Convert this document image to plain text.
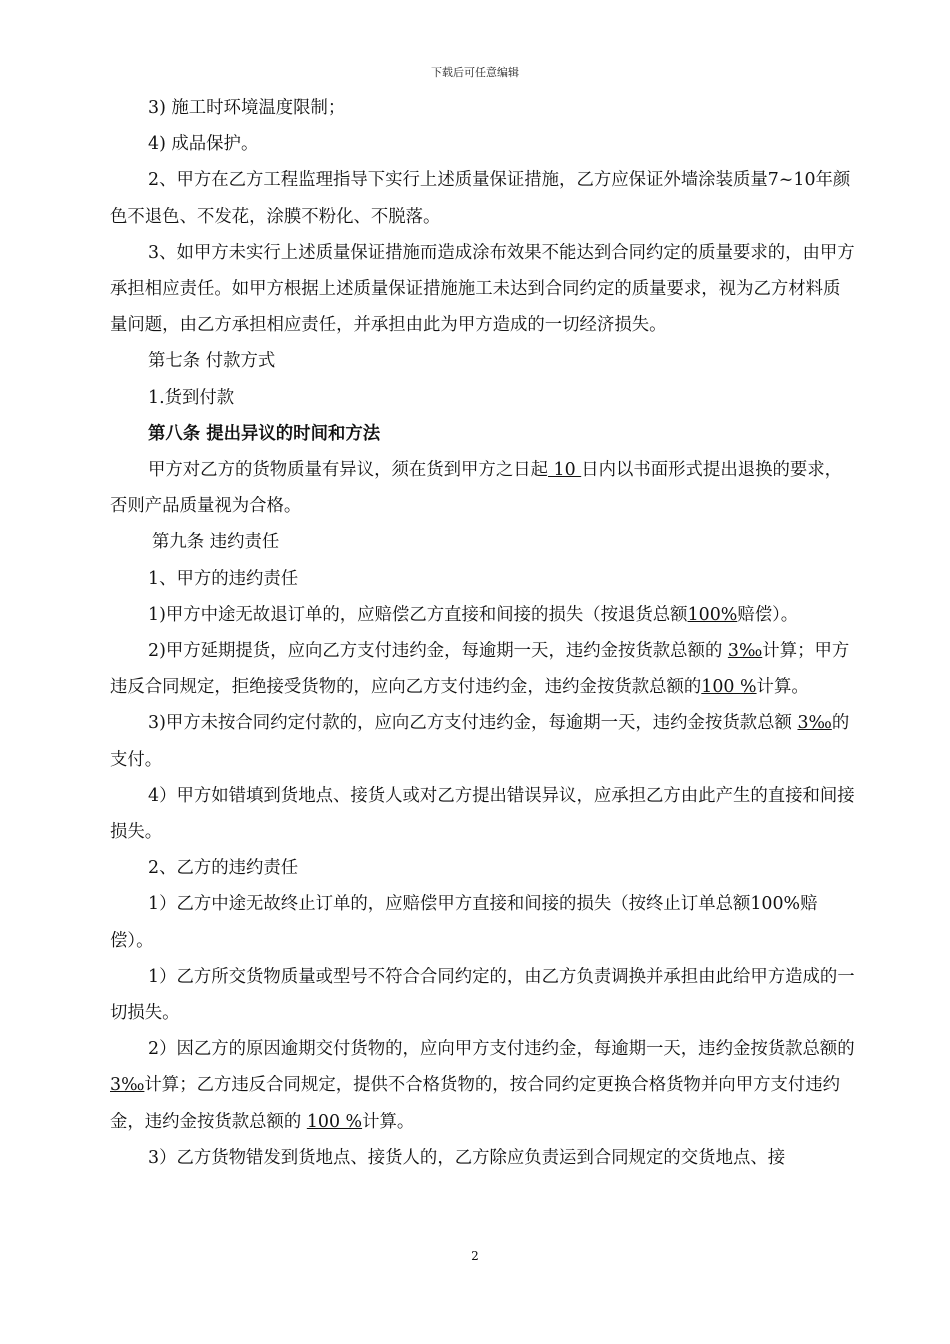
下载后可任意编辑

3) 施工时环境温度限制；

4) 成品保护。

2、甲方在乙方工程监理指导下实行上述质量保证措施，乙方应保证外墙涂装质量7~10年颜色不退色、不发花，涂膜不粉化、不脱落。

3、如甲方未实行上述质量保证措施而造成涂布效果不能达到合同约定的质量要求的，由甲方承担相应责任。如甲方根据上述质量保证措施施工未达到合同约定的质量要求，视为乙方材料质量问题，由乙方承担相应责任，并承担由此为甲方造成的一切经济损失。

第七条 付款方式

1.货到付款

第八条 提出异议的时间和方法

甲方对乙方的货物质量有异议，须在货到甲方之日起 10 日内以书面形式提出退换的要求，否则产品质量视为合格。

第九条 违约责任

1、甲方的违约责任

1)甲方中途无故退订单的，应赔偿乙方直接和间接的损失（按退货总额100%赔偿）。

2)甲方延期提货，应向乙方支付违约金，每逾期一天，违约金按货款总额的 3‰计算；甲方违反合同规定，拒绝接受货物的，应向乙方支付违约金，违约金按货款总额的100 %计算。

3)甲方未按合同约定付款的，应向乙方支付违约金，每逾期一天，违约金按货款总额 3‰的支付。

4）甲方如错填到货地点、接货人或对乙方提出错误异议，应承担乙方由此产生的直接和间接损失。

2、乙方的违约责任

1）乙方中途无故终止订单的，应赔偿甲方直接和间接的损失（按终止订单总额100%赔偿）。

1）乙方所交货物质量或型号不符合合同约定的，由乙方负责调换并承担由此给甲方造成的一切损失。

2）因乙方的原因逾期交付货物的，应向甲方支付违约金，每逾期一天，违约金按货款总额的 3‰计算；乙方违反合同规定，提供不合格货物的，按合同约定更换合格货物并向甲方支付违约金，违约金按货款总额的 100 %计算。

3）乙方货物错发到货地点、接货人的，乙方除应负责运到合同规定的交货地点、接

2
